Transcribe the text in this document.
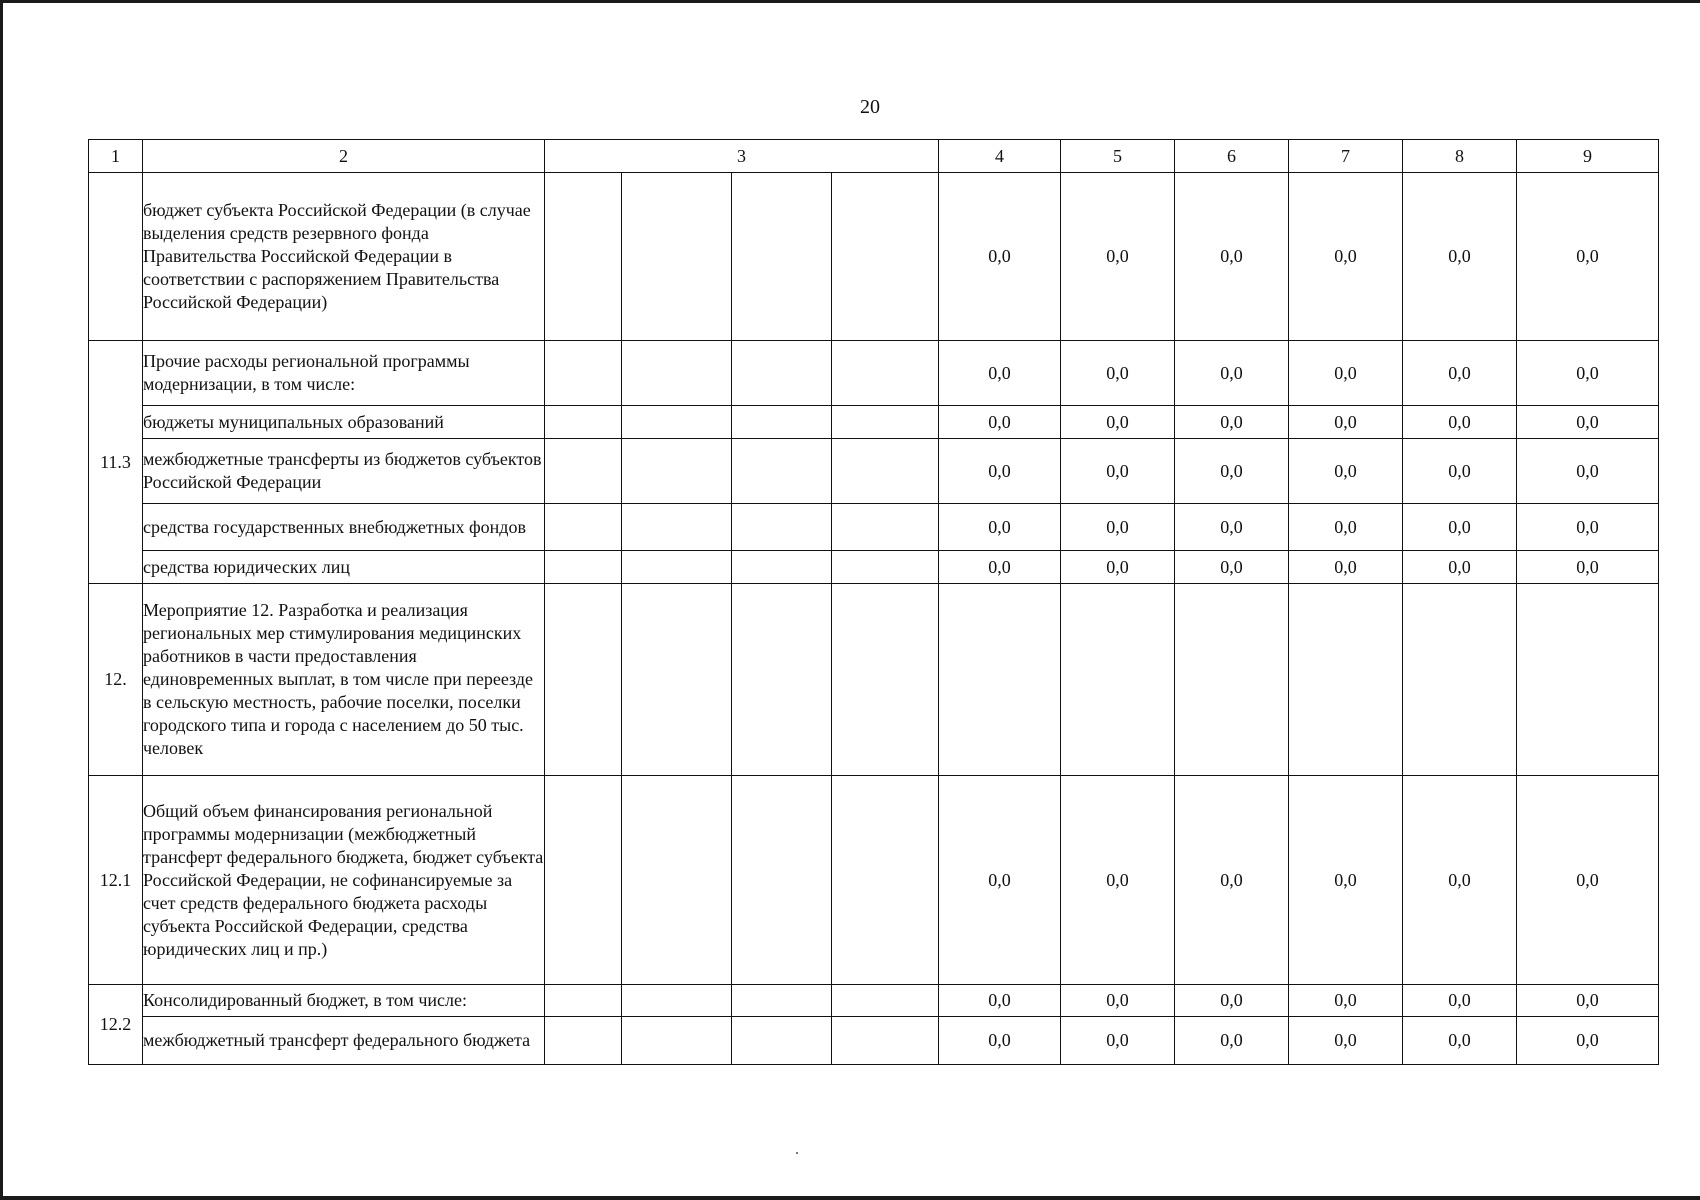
20
1	2	3				4	5	6	7	8	9
	бюджет субъекта Российской Федерации (в случае выделения средств резервного фонда Правительства Российской Федерации в соответствии с распоряжением Правительства Российской Федерации)					0,0	0,0	0,0	0,0	0,0	0,0
11.3	Прочие расходы региональной программы модернизации, в том числе:					0,0	0,0	0,0	0,0	0,0	0,0
	бюджеты муниципальных образований					0,0	0,0	0,0	0,0	0,0	0,0
	межбюджетные трансферты из бюджетов субъектов Российской Федерации					0,0	0,0	0,0	0,0	0,0	0,0
	средства государственных внебюджетных фондов					0,0	0,0	0,0	0,0	0,0	0,0
	средства юридических лиц					0,0	0,0	0,0	0,0	0,0	0,0
12.	Мероприятие 12. Разработка и реализация региональных мер стимулирования медицинских работников в части предоставления единовременных выплат, в том числе при переезде в сельскую местность, рабочие поселки, поселки городского типа и города с населением до 50 тыс. человек										
12.1	Общий объем финансирования региональной программы модернизации (межбюджетный трансферт федерального бюджета, бюджет субъекта Российской Федерации, не софинансируемые за счет средств федерального бюджета расходы субъекта Российской Федерации, средства юридических лиц и пр.)					0,0	0,0	0,0	0,0	0,0	0,0
12.2	Консолидированный бюджет, в том числе:					0,0	0,0	0,0	0,0	0,0	0,0
	межбюджетный трансферт федерального бюджета					0,0	0,0	0,0	0,0	0,0	0,0
